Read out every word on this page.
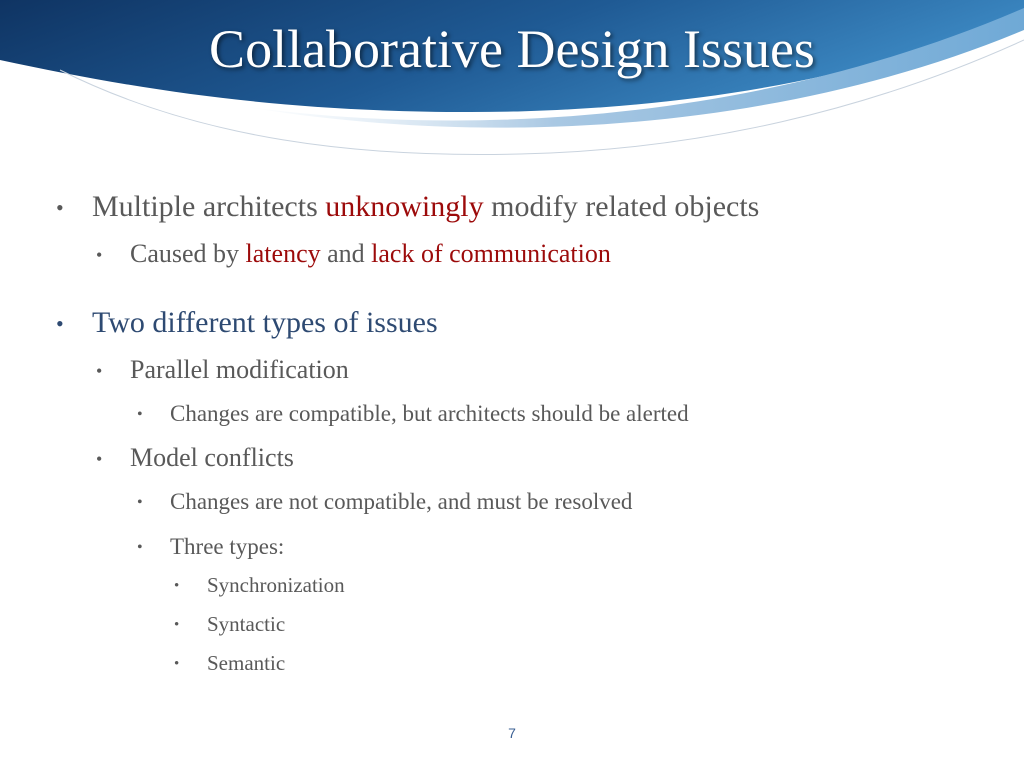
Collaborative Design Issues
• Multiple architects unknowingly modify related objects
• Caused by latency and lack of communication
• Two different types of issues
• Parallel modification
• Changes are compatible, but architects should be alerted
• Model conflicts
• Changes are not compatible, and must be resolved
• Three types:
• Synchronization
• Syntactic
• Semantic
7
